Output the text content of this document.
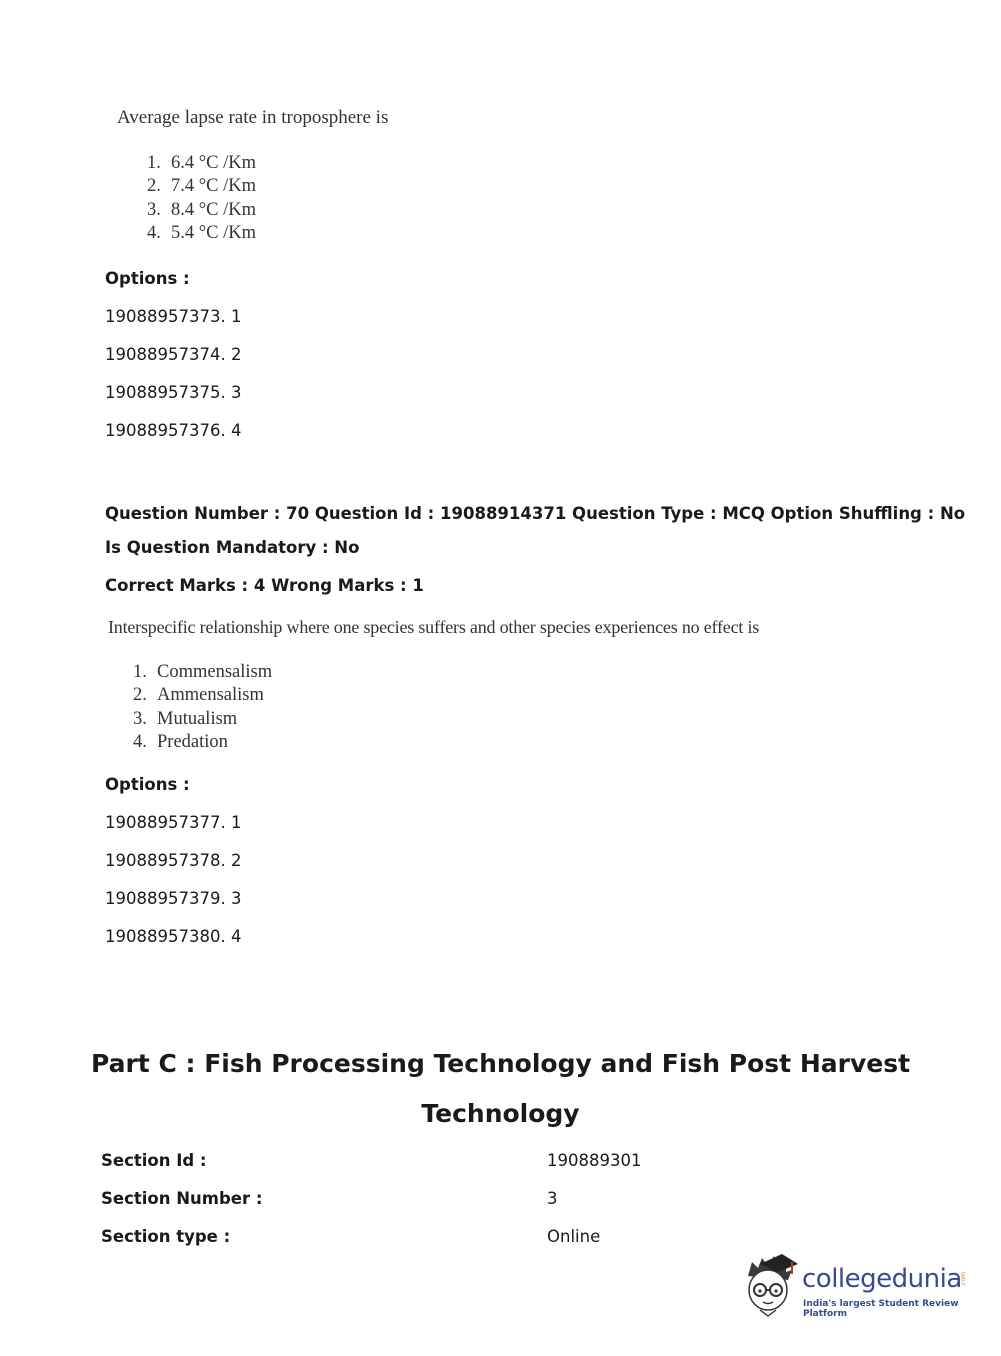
Average lapse rate in troposphere is
1. 6.4 °C /Km
2. 7.4 °C /Km
3. 8.4 °C /Km
4. 5.4 °C /Km
Options :
19088957373. 1
19088957374. 2
19088957375. 3
19088957376. 4
Question Number : 70 Question Id : 19088914371 Question Type : MCQ Option Shuffling : No
Is Question Mandatory : No
Correct Marks : 4 Wrong Marks : 1
Interspecific relationship where one species suffers and other species experiences no effect is
1. Commensalism
2. Ammensalism
3. Mutualism
4. Predation
Options :
19088957377. 1
19088957378. 2
19088957379. 3
19088957380. 4
Part C : Fish Processing Technology and Fish Post Harvest
Technology
Section Id :	190889301
Section Number :	3
Section type :	Online
collegedunia
.com
India's largest Student Review Platform
